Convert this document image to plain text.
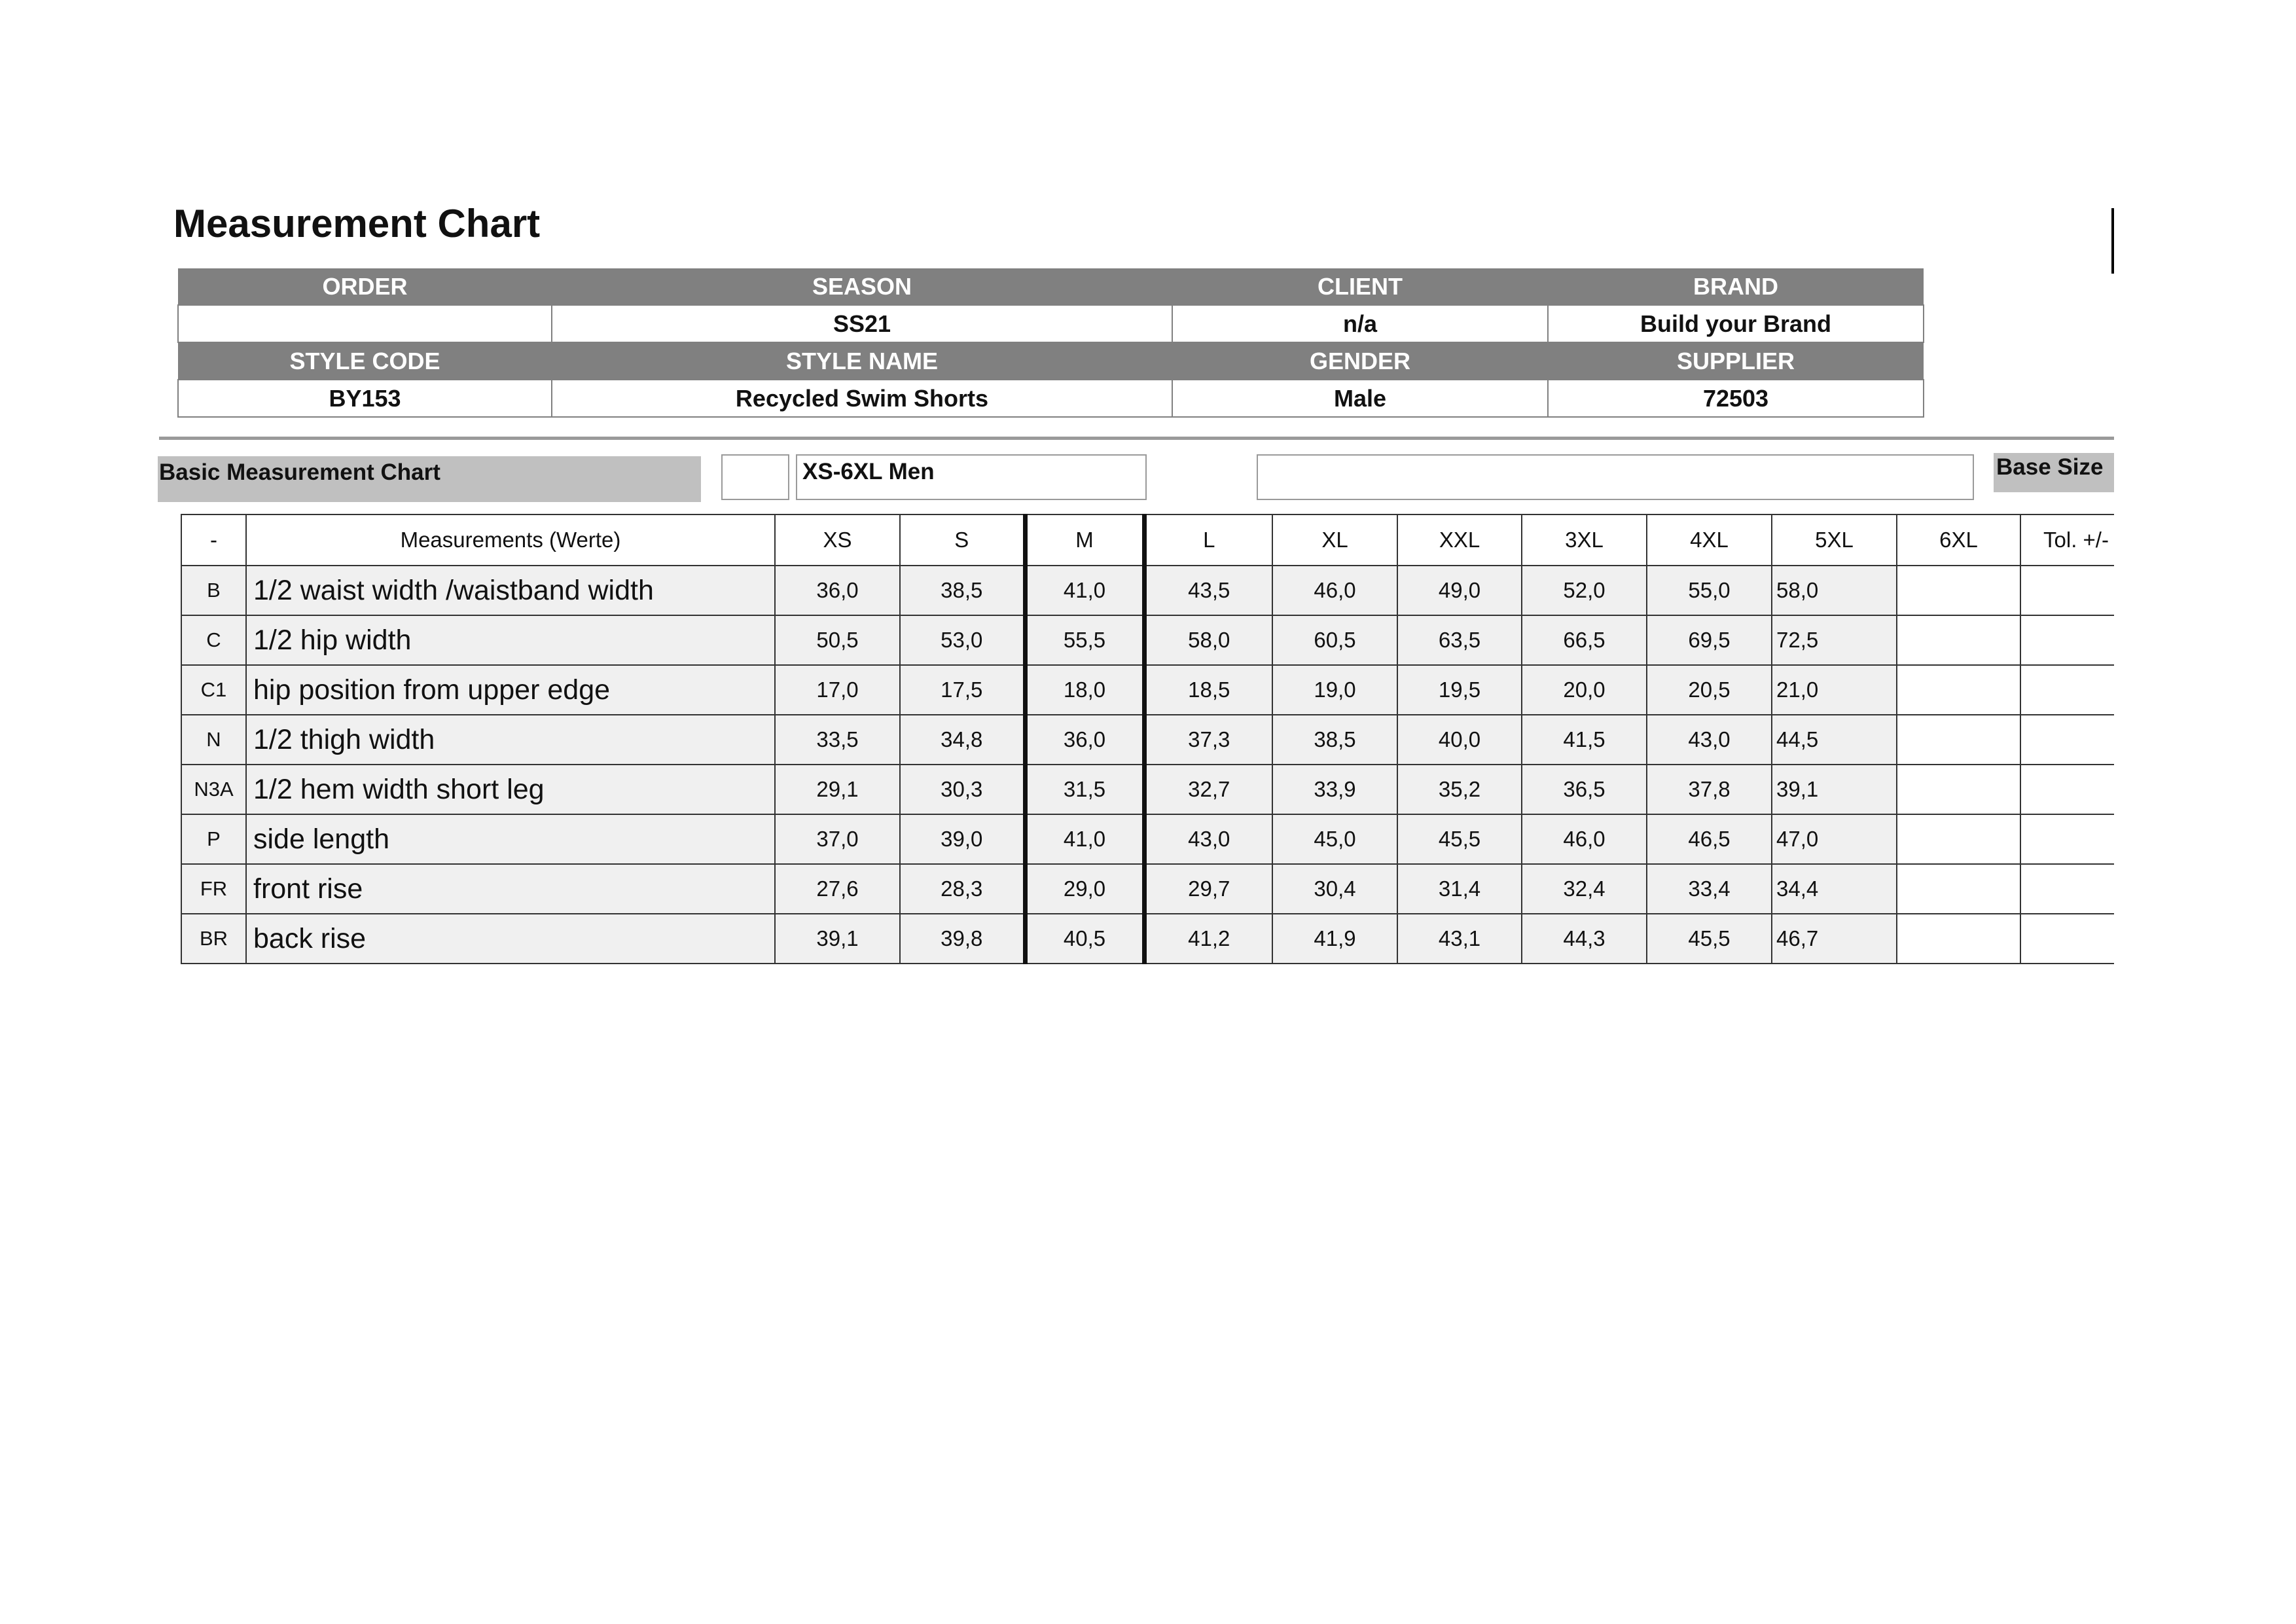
Measurement Chart
ORDER	SEASON	CLIENT	BRAND
	SS21	n/a	Build your Brand
STYLE CODE	STYLE NAME	GENDER	SUPPLIER
BY153	Recycled Swim Shorts	Male	72503
Basic Measurement Chart	XS-6XL Men	Base Size
-	Measurements (Werte)	XS	S	M	L	XL	XXL	3XL	4XL	5XL	6XL	Tol. +/-
B	1/2 waist width /waistband width	36,0	38,5	41,0	43,5	46,0	49,0	52,0	55,0	58,0		
C	1/2 hip width	50,5	53,0	55,5	58,0	60,5	63,5	66,5	69,5	72,5		
C1	hip position from upper edge	17,0	17,5	18,0	18,5	19,0	19,5	20,0	20,5	21,0		
N	1/2 thigh width	33,5	34,8	36,0	37,3	38,5	40,0	41,5	43,0	44,5		
N3A	1/2 hem width short leg	29,1	30,3	31,5	32,7	33,9	35,2	36,5	37,8	39,1		
P	side length	37,0	39,0	41,0	43,0	45,0	45,5	46,0	46,5	47,0		
FR	front rise	27,6	28,3	29,0	29,7	30,4	31,4	32,4	33,4	34,4		
BR	back rise	39,1	39,8	40,5	41,2	41,9	43,1	44,3	45,5	46,7		
